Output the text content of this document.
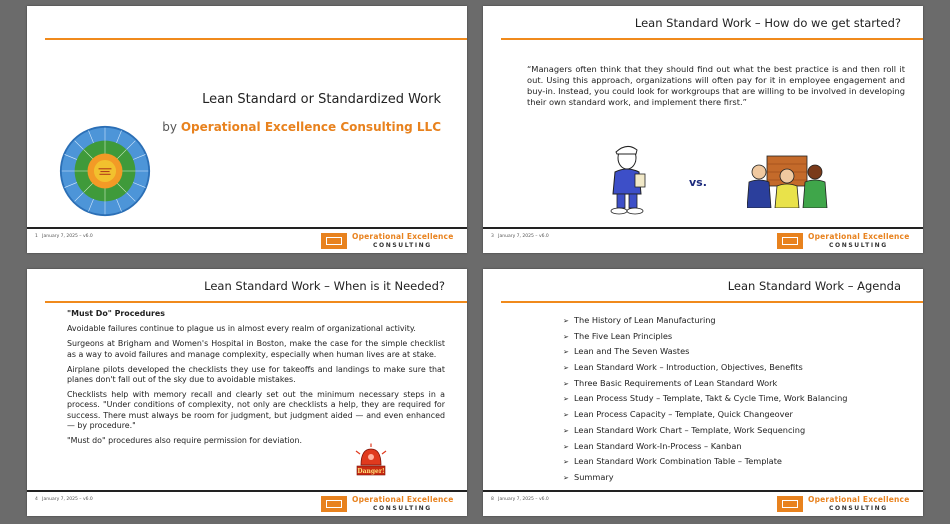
Lean Standard or Standardized Work
by Operational Excellence Consulting LLC
1 January 7, 2025 – v6.0	Operational Excellence
CONSULTING
Lean Standard Work – How do we get started?
“Managers often think that they should find out what the best practice is and then roll it out. Using this approach, organizations will often pay for it in employee engagement and buy-in. Instead, you could look for workgroups that are willing to be involved in developing their own standard work, and implement there first.”
vs.
3 January 7, 2025 – v6.0	Operational Excellence
CONSULTING
Lean Standard Work – When is it Needed?

"Must Do" Procedures

Avoidable failures continue to plague us in almost every realm of organizational activity.

Surgeons at Brigham and Women's Hospital in Boston, make the case for the simple checklist as a way to avoid failures and manage complexity, especially when human lives are at stake.

Airplane pilots developed the checklists they use for takeoffs and landings to make sure that planes don't fall out of the sky due to avoidable mistakes.

Checklists help with memory recall and clearly set out the minimum necessary steps in a process. "Under conditions of complexity, not only are checklists a help, they are required for success. There must always be room for judgment, but judgment aided — and even enhanced — by procedure."

"Must do" procedures also require permission for deviation.

Danger!
4 January 7, 2025 – v6.0	Operational Excellence
CONSULTING
Lean Standard Work – Agenda
➢ The History of Lean Manufacturing
➢ The Five Lean Principles
➢ Lean and The Seven Wastes
➢ Lean Standard Work – Introduction, Objectives, Benefits
➢ Three Basic Requirements of Lean Standard Work
➢ Lean Process Study – Template, Takt & Cycle Time, Work Balancing
➢ Lean Process Capacity – Template, Quick Changeover
➢ Lean Standard Work Chart – Template, Work Sequencing
➢ Lean Standard Work-In-Process – Kanban
➢ Lean Standard Work Combination Table – Template
➢ Summary
8 January 7, 2025 – v6.0	Operational Excellence
CONSULTING
